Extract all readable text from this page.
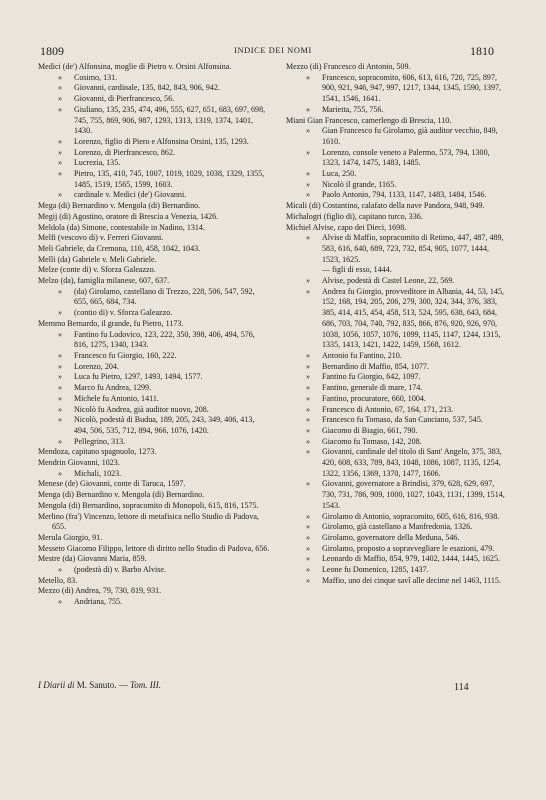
1809	INDICE DEI NOMI	1810

Medici (de') Alfonsina, moglie di Pietro v. Orsini Alfonsina.

» Cosimo, 131.

» Giovanni, cardinale, 135, 842, 843, 906, 942.

» Giovanni, di Pierfrancesco, 56.

» Giuliano, 135, 235, 474, 496, 555, 627, 651, 683, 697, 698, 745, 755, 869, 906, 987, 1293, 1313, 1319, 1374, 1401, 1430.

» Lorenzo, figlio di Piero e Alfonsina Orsini, 135, 1293.

» Lorenzo, di Pierfrancesco, 862.

» Lucrezia, 135.

» Pietro, 135, 410, 745, 1007, 1019, 1029, 1038, 1329, 1355, 1485, 1519, 1565, 1599, 1603.

» cardinale v. Medici (de') Giovanni.

Mega (di) Bernardino v. Mengola (di) Bernardino.

Megij (di) Agostino, oratore di Brescia a Venezia, 1426.

Meldola (da) Simone, contestabile in Nadino, 1314.

Melfi (vescovo di) v. Ferreri Giovanni.

Meli Gabriele, da Cremona, 110, 458, 1042, 1043.

Melli (da) Gabriele v. Meli Gabriele.

Melze (conte di) v. Sforza Galeazzo.

Melzo (da), famiglia milanese, 607, 637.

» (da) Girolamo, castellano di Trezzo, 228, 506, 547, 592, 655, 665, 684, 734.

» (contio di) v. Sforza Galeazzo.

Memmo Bernardo, il grande, fu Pietro, 1173.

» Fantino fu Lodovico, 123, 222, 350, 398, 406, 494, 576, 816, 1275, 1340, 1343.

» Francesco fu Giorgio, 160, 222.

» Lorenzo, 204.

» Luca fu Pietro, 1297, 1493, 1494, 1577.

» Marco fu Andrea, 1299.

» Michele fu Antonio, 1411.

» Nicolò fu Andrea, già auditor nuovo, 208.

» Nicolò, podestà di Budua, 189, 205, 243, 349, 406, 413, 494, 506, 535, 712, 894, 966, 1076, 1420.

» Pellegrino, 313.

Mendoza, capitano spagnuolo, 1273.

Mendrin Giovanni, 1023.

» Michali, 1023.

Menese (de) Giovanni, conte di Taruca, 1597.

Menga (di) Bernardino v. Mengola (di) Bernardino.

Mengola (di) Bernardino, sopracomito di Monopoli, 615, 816, 1575.

Merlino (fra') Vincenzo, lettore di metafisica nello Studio di Padova, 655.

Merula Giorgio, 91.

Messeto Giacomo Filippo, lettore di diritto nello Studio di Padova, 656.

Mestre (da) Giovanni Maria, 859.

» (podestà di) v. Barbo Alvise.

Metello, 83.

Mezzo (di) Andrea, 79, 730, 819, 931.

» Andriana, 755.

Mezzo (di) Francesco di Antonio, 509.

» Francesco, sopracomito, 606, 613, 616, 720, 725, 897, 900, 921, 946, 947, 997, 1217, 1344, 1345, 1590, 1397, 1541, 1546, 1641.

» Marietta, 755, 756.

Miani Gian Francesco, camerlengo di Brescia, 110.

» Gian Francesco fu Girolamo, già auditor vecchio, 849, 1610.

» Lorenzo, console veneto a Palermo, 573, 794, 1300, 1323, 1474, 1475, 1483, 1485.

» Luca, 250.

» Nicolò il grande, 1165.

» Paolo Antonio, 794, 1133, 1147, 1483, 1484, 1546.

Micali (di) Costantino, calafato della nave Pandora, 948, 949.

Michalogri (figlio di), capitano turco, 336.

Michiel Alvise, capo dei Dieci, 1698.

» Alvise di Maffio, sopracomito di Retimo, 447, 487, 489, 583, 616, 640, 689, 723, 732, 854, 905, 1077, 1444, 1523, 1625.

— figli di esso, 1444.

» Alvise, podestà di Castel Leone, 22, 569.

» Andrea fu Giorgio, provveditore in Albania, 44, 53, 145, 152, 168, 194, 205, 206, 279, 300, 324, 344, 376, 383, 385, 414, 415, 454, 458, 513, 524, 595, 638, 643, 684, 686, 703, 704, 740, 792, 835, 866, 876, 920, 926, 970, 1038, 1056, 1057, 1076, 1099, 1145, 1147, 1244, 1315, 1335, 1413, 1421, 1422, 1459, 1568, 1612.

» Antonio fu Fantino, 210.

» Bernardino di Maffio, 854, 1077.

» Fantino fu Giorgio, 642, 1097.

» Fantino, generale di mare, 174.

» Fantino, procuratore, 660, 1004.

» Francesco di Antonio, 67, 164, 171, 213.

» Francesco fu Tomaso, da San Canciano, 537, 545.

» Giacomo di Biagio, 661, 790.

» Giacomo fu Tomaso, 142, 208.

» Giovanni, cardinale del titolo di Sant' Angelo, 375, 383, 420, 608, 633, 789, 843, 1048, 1086, 1087, 1135, 1254, 1322, 1356, 1369, 1370, 1477, 1606.

» Giovanni, governatore a Brindisi, 379, 628, 629, 697, 730, 731, 786, 909, 1000, 1027, 1043, 1131, 1399, 1514, 1543.

» Girolamo di Antonio, sopracomito, 605, 616, 816, 938.

» Girolamo, già castellano a Manfredonia, 1326.

» Girolamo, governatore della Meduna, 546.

» Girolamo, proposto a sopravvegliare le esazioni, 479.

» Leonardo di Maffio, 854, 979, 1402, 1444, 1445, 1625.

» Leone fu Domenico, 1285, 1437.

» Maffio, uno dei cinque savî alle decime nel 1463, 1115.

I Diarii di M. Sanuto. — Tom. III.	114
